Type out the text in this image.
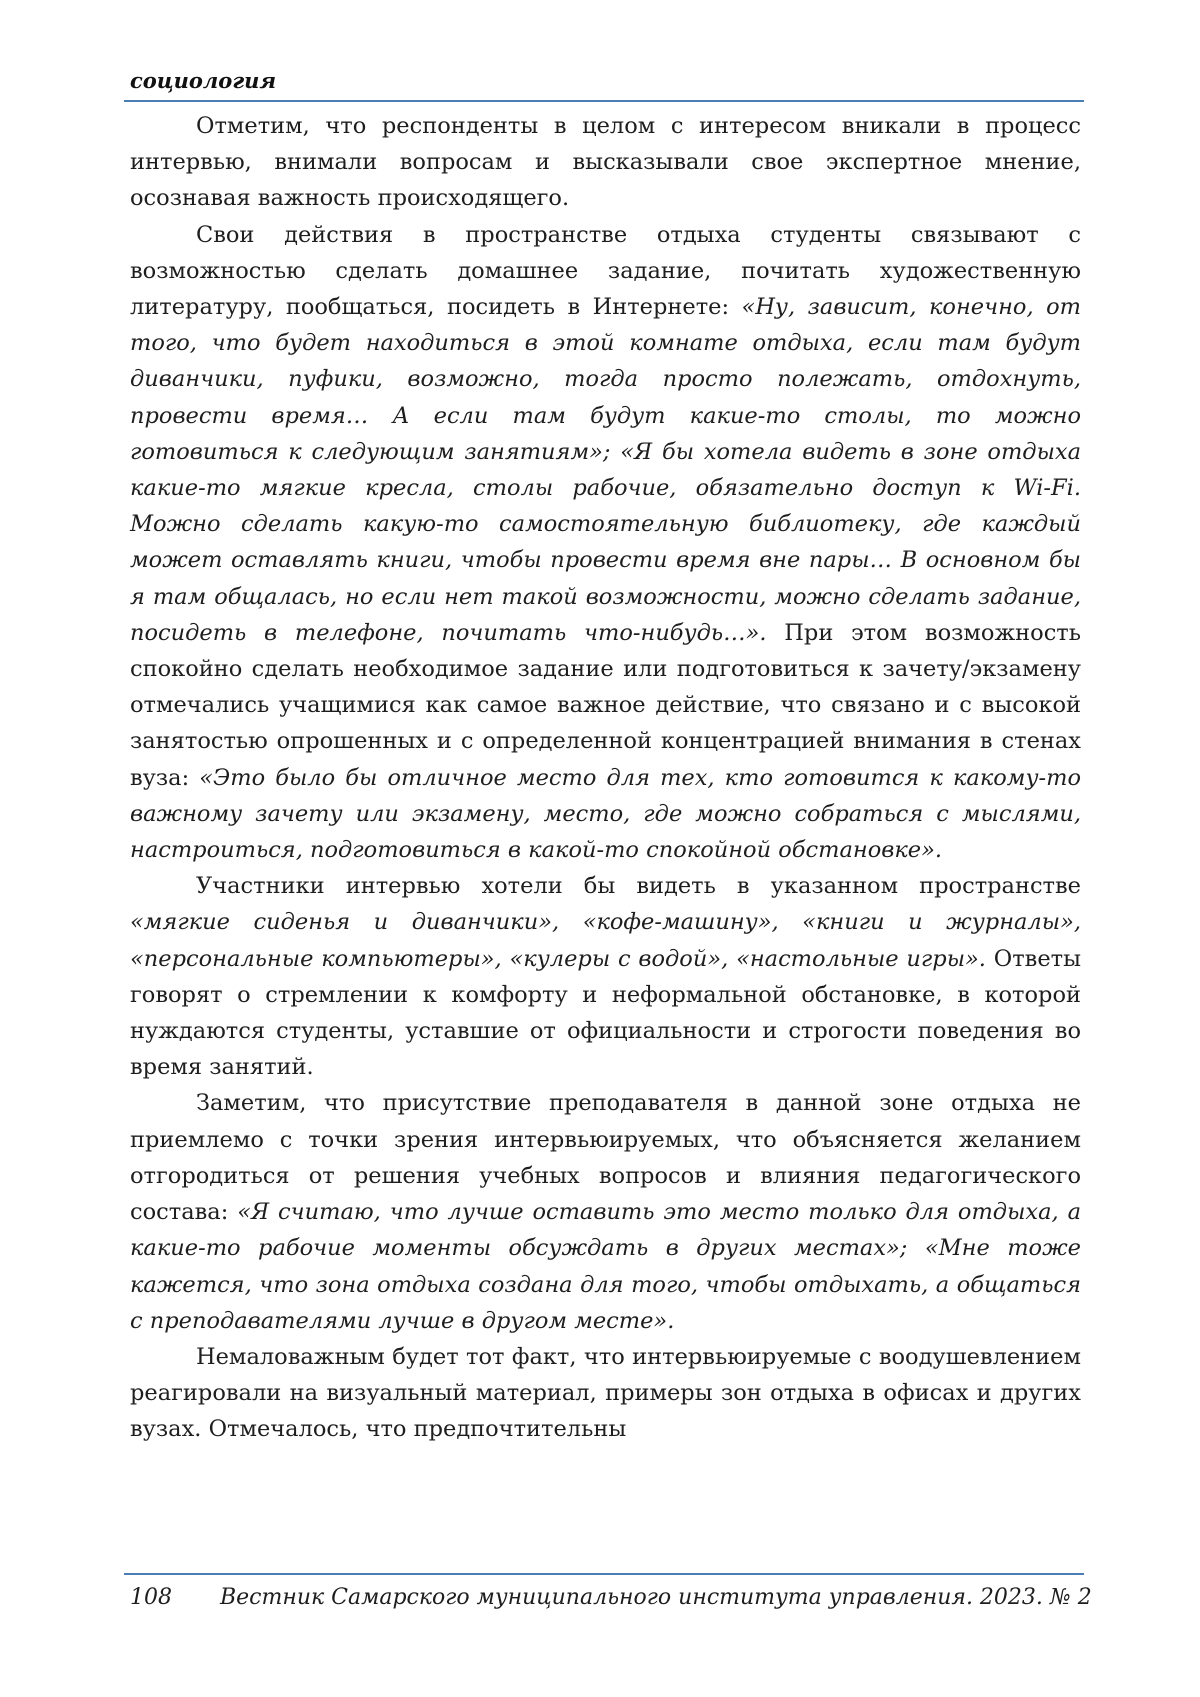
социология

Отметим, что респонденты в целом с интересом вникали в процесс интервью, внимали вопросам и высказывали свое экспертное мнение, осознавая важность происходящего.

Свои действия в пространстве отдыха студенты связывают с возможностью сделать домашнее задание, почитать художественную литературу, пообщаться, посидеть в Интернете: «Ну, зависит, конечно, от того, что будет находиться в этой комнате отдыха, если там будут диванчики, пуфики, возможно, тогда просто полежать, отдохнуть, провести время… А если там будут какие-то столы, то можно готовиться к следующим занятиям»; «Я бы хотела видеть в зоне отдыха какие-то мягкие кресла, столы рабочие, обязательно доступ к Wi-Fi. Можно сделать какую-то самостоятельную библиотеку, где каждый может оставлять книги, чтобы провести время вне пары… В основном бы я там общалась, но если нет такой возможности, можно сделать задание, посидеть в телефоне, почитать что-нибудь…». При этом возможность спокойно сделать необходимое задание или подготовиться к зачету/экзамену отмечались учащимися как самое важное действие, что связано и с высокой занятостью опрошенных и с определенной концентрацией внимания в стенах вуза: «Это было бы отличное место для тех, кто готовится к какому-то важному зачету или экзамену, место, где можно собраться с мыслями, настроиться, подготовиться в какой-то спокойной обстановке».

Участники интервью хотели бы видеть в указанном пространстве «мягкие сиденья и диванчики», «кофе-машину», «книги и журналы», «персональные компьютеры», «кулеры с водой», «настольные игры». Ответы говорят о стремлении к комфорту и неформальной обстановке, в которой нуждаются студенты, уставшие от официальности и строгости поведения во время занятий.

Заметим, что присутствие преподавателя в данной зоне отдыха не приемлемо с точки зрения интервьюируемых, что объясняется желанием отгородиться от решения учебных вопросов и влияния педагогического состава: «Я считаю, что лучше оставить это место только для отдыха, а какие-то рабочие моменты обсуждать в других местах»; «Мне тоже кажется, что зона отдыха создана для того, чтобы отдыхать, а общаться с преподавателями лучше в другом месте».

Немаловажным будет тот факт, что интервьюируемые с воодушевлением реагировали на визуальный материал, примеры зон отдыха в офисах и других вузах. Отмечалось, что предпочтительны

108 Вестник Самарского муниципального института управления. 2023. № 2
